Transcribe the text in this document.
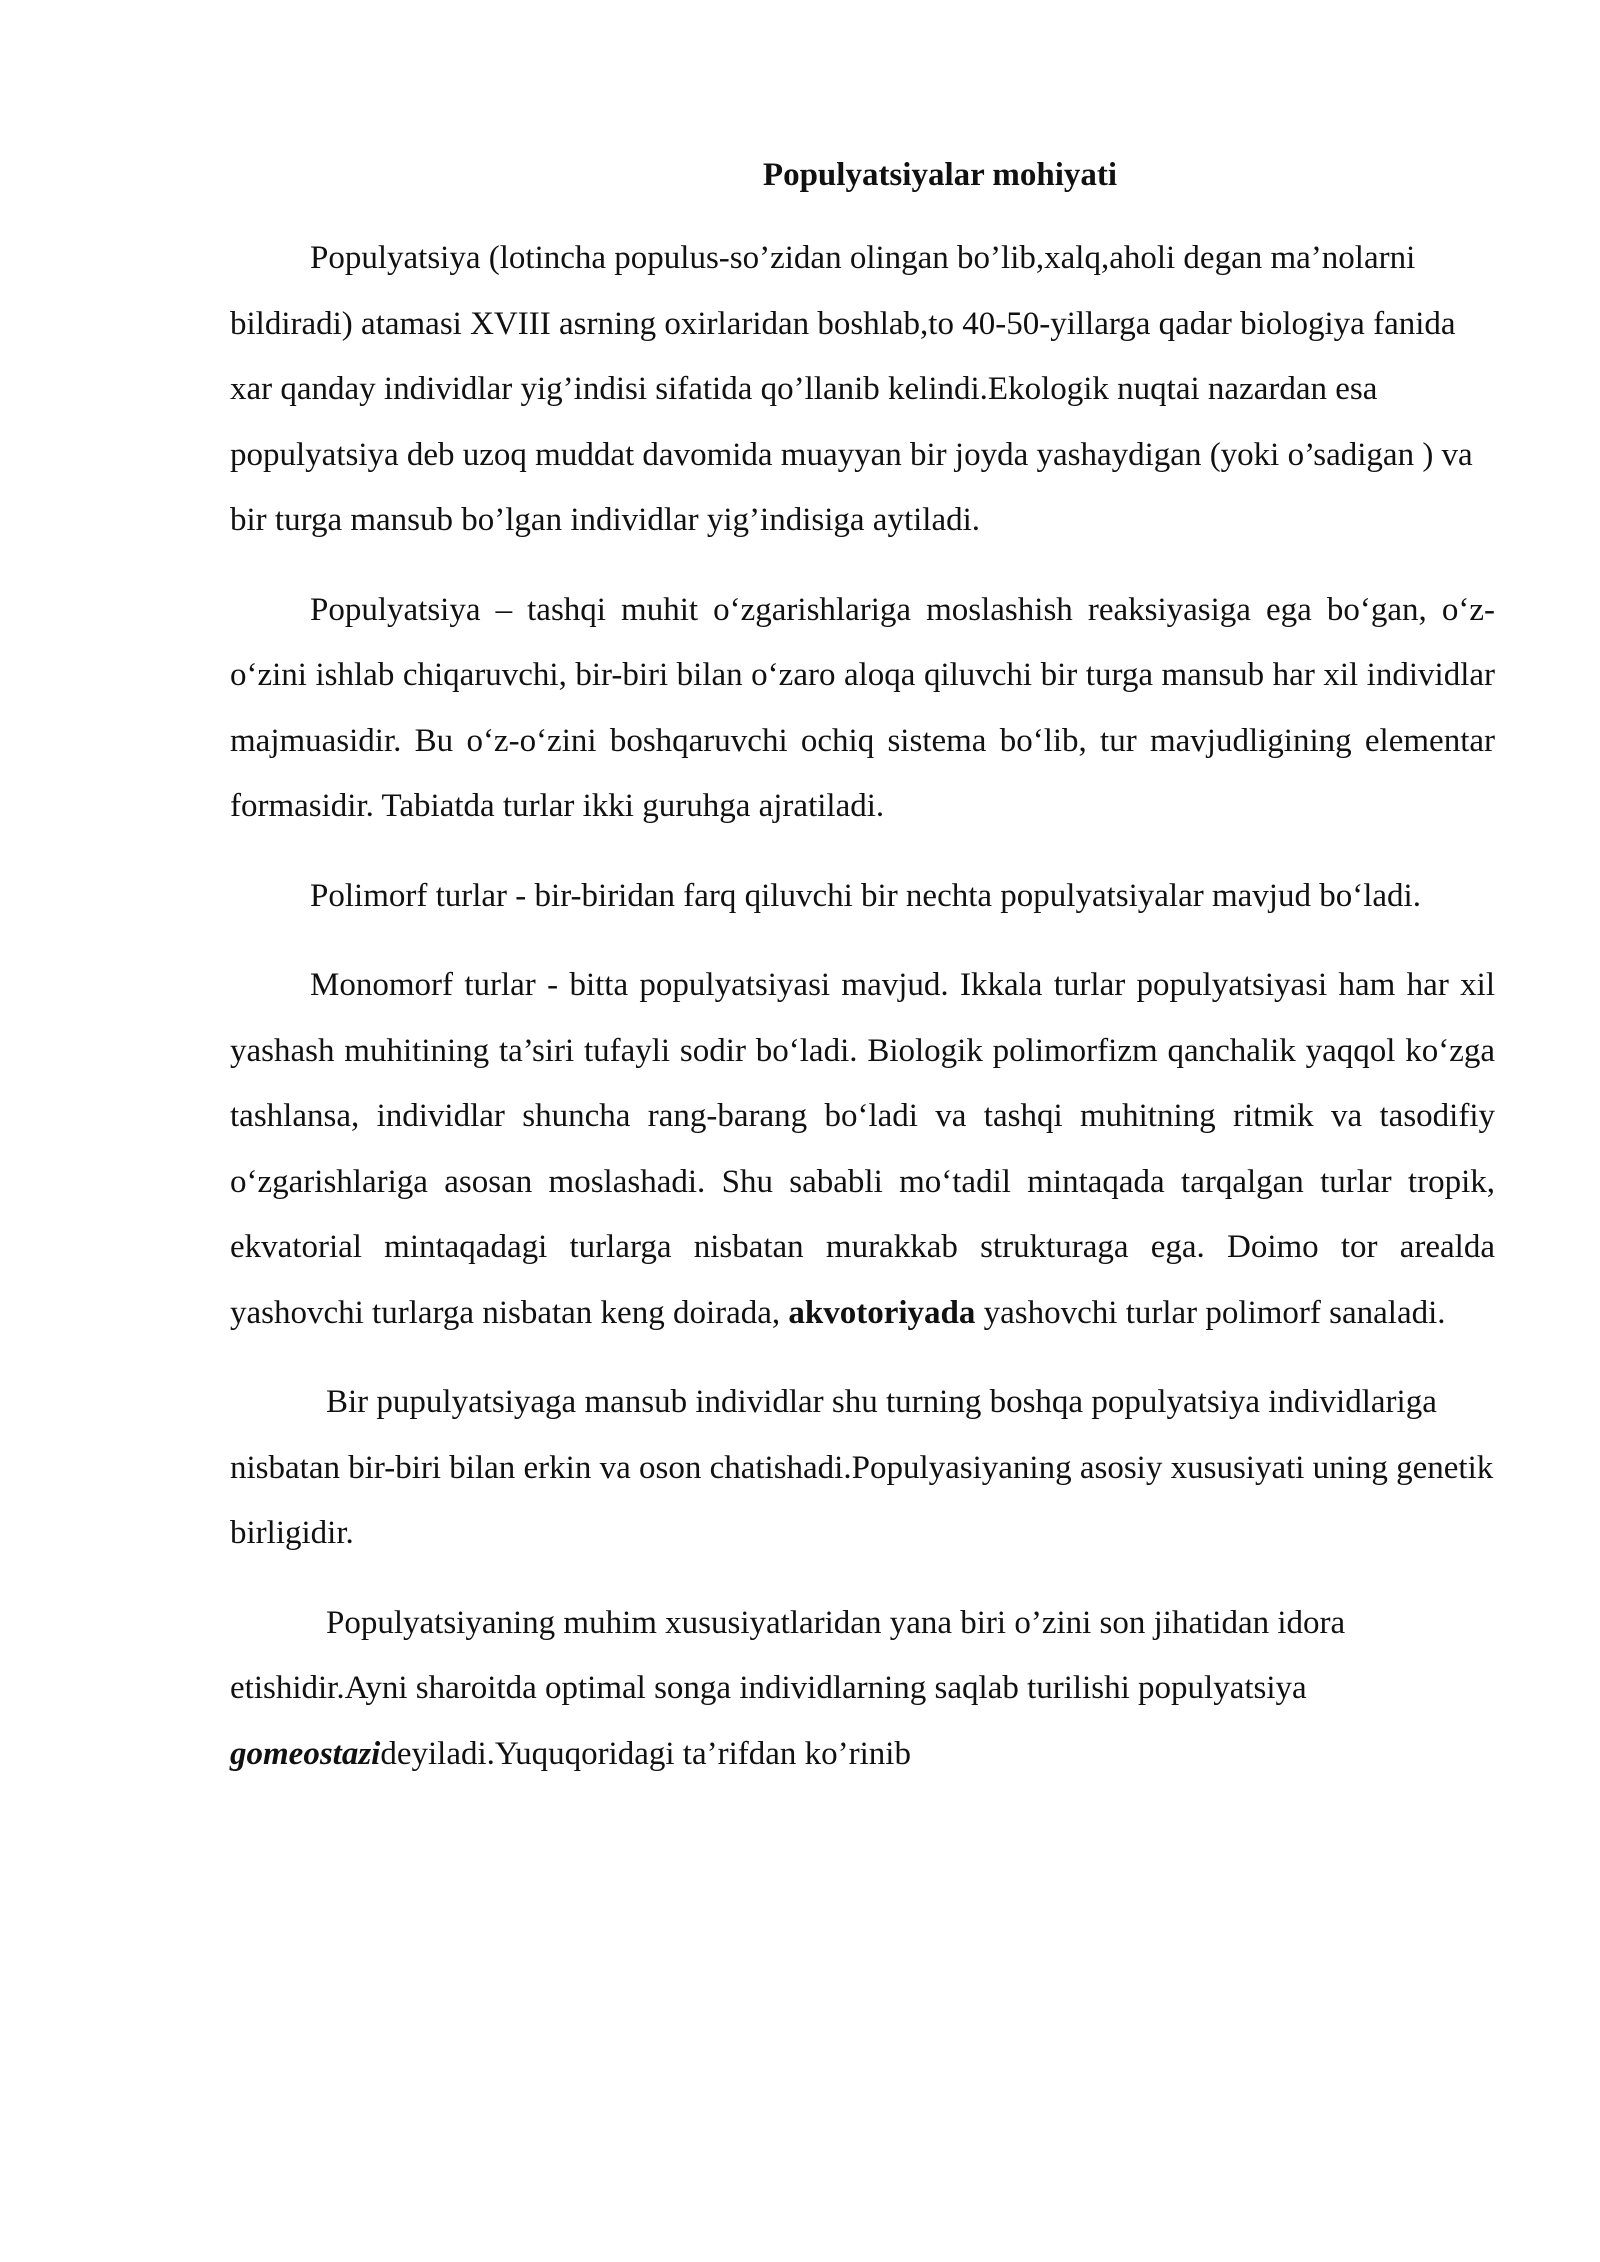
Populyatsiyalar mohiyati

Populyatsiya (lotincha populus-so’zidan olingan bo’lib,xalq,aholi degan ma’nolarni bildiradi) atamasi XVIII asrning oxirlaridan boshlab,to 40-50-yillarga qadar biologiya fanida xar qanday individlar yig’indisi sifatida qo’llanib kelindi.Ekologik nuqtai nazardan esa populyatsiya deb uzoq muddat davomida muayyan bir joyda yashaydigan (yoki o’sadigan ) va bir turga mansub bo’lgan individlar yig’indisiga aytiladi.

Populyatsiya – tashqi muhit oʻzgarishlariga moslashish reaksiyasiga ega boʻgan, oʻz-oʻzini ishlab chiqaruvchi, bir-biri bilan oʻzaro aloqa qiluvchi bir turga mansub har xil individlar majmuasidir. Bu oʻz-oʻzini boshqaruvchi ochiq sistema boʻlib, tur mavjudligining elementar formasidir. Tabiatda turlar ikki guruhga ajratiladi.

Polimorf turlar - bir-biridan farq qiluvchi bir nechta populyatsiyalar mavjud boʻladi.

Monomorf turlar - bitta populyatsiyasi mavjud. Ikkala turlar populyatsiyasi ham har xil yashash muhitining ta’siri tufayli sodir boʻladi. Biologik polimorfizm qanchalik yaqqol koʻzga tashlansa, individlar shuncha rang-barang boʻladi va tashqi muhitning ritmik va tasodifiy oʻzgarishlariga asosan moslashadi. Shu sababli moʻtadil mintaqada tarqalgan turlar tropik, ekvatorial mintaqadagi turlarga nisbatan murakkab strukturaga ega. Doimo tor arealda yashovchi turlarga nisbatan keng doirada, akvotoriyada yashovchi turlar polimorf sanaladi.

Bir pupulyatsiyaga mansub individlar shu turning boshqa populyatsiya individlariga nisbatan bir-biri bilan erkin va oson chatishadi.Populyasiyaning asosiy xususiyati uning genetik birligidir.

Populyatsiyaning muhim xususiyatlaridan yana biri o’zini son jihatidan idora etishidir.Ayni sharoitda optimal songa individlarning saqlab turilishi populyatsiya gomeostazideyiladi.Yuquqoridagi ta’rifdan ko’rinib
